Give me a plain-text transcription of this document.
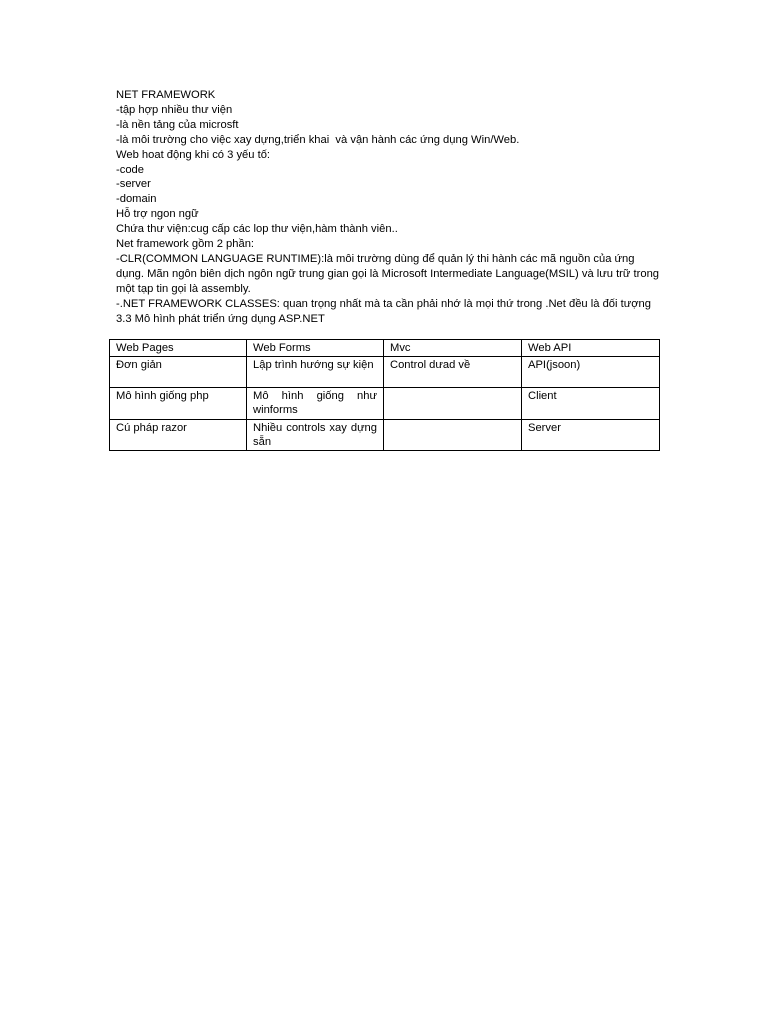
NET FRAMEWORK

-tập hợp nhiều thư viện

-là nền tảng của microsft

-là môi trường cho việc xay dựng,triển khai  và vận hành các ứng dụng Win/Web.

Web hoat động khi có 3 yếu tố:

-code

-server

-domain

Hỗ trợ ngon ngữ

Chứa thư viện:cug cấp các lop thư viện,hàm thành viên..

Net framework gồm 2 phần:

-CLR(COMMON LANGUAGE RUNTIME):là môi trường dùng để quản lý thi hành các mã nguồn của ứng dụng. Mãn ngôn biên dịch ngôn ngữ trung gian gọi là Microsoft Intermediate Language(MSIL) và lưu trữ trong một tạp tin gọi là assembly.

-.NET FRAMEWORK CLASSES: quan trọng nhất mà ta cần phải nhớ là mọi thứ trong .Net đều là đối tượng

3.3 Mô hình phát triển ứng dụng ASP.NET

Web Pages	Web Forms	Mvc	Web API
Đơn giản	Lập trình hướng sự kiện	Control dưad về	API(jsoon)
Mô hình giống php	Mô hình giống như winforms		Client
Cú pháp razor	Nhiều controls xay dựng sẵn		Server
